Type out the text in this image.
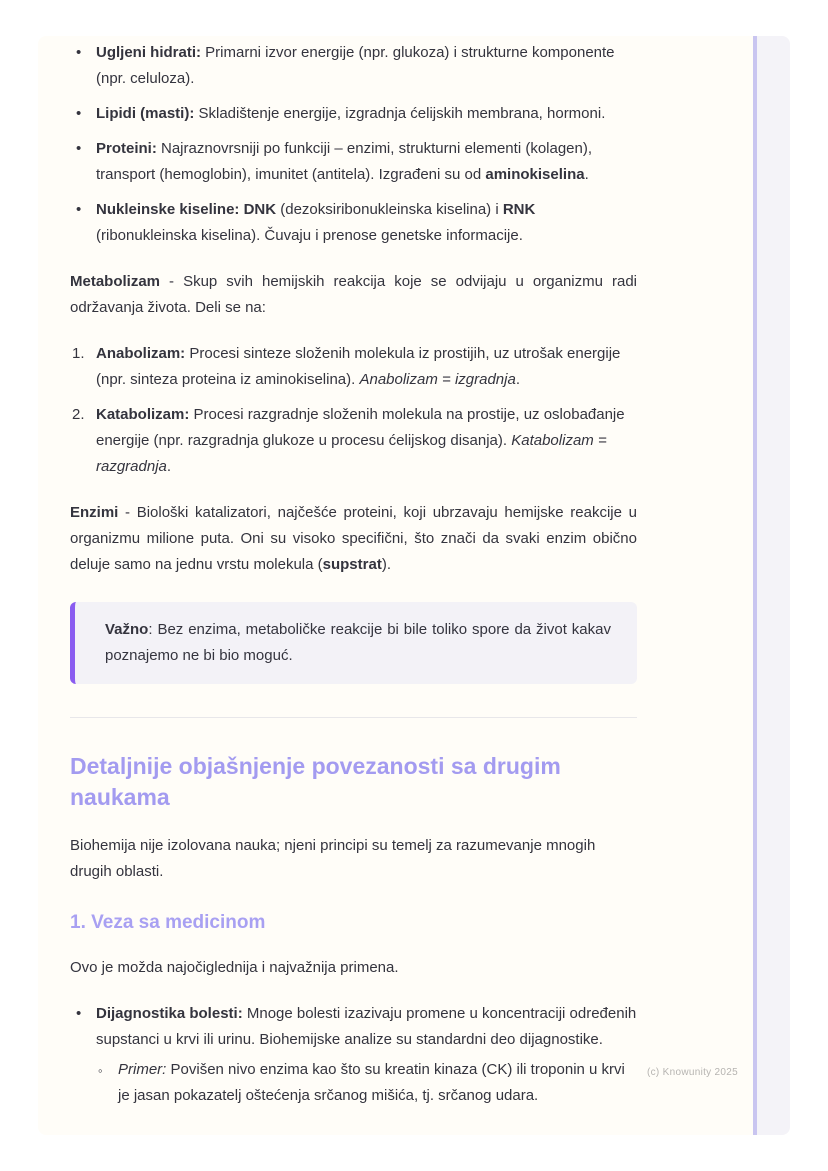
• Ugljeni hidrati: Primarni izvor energije (npr. glukoza) i strukturne komponente (npr. celuloza).
• Lipidi (masti): Skladištenje energije, izgradnja ćelijskih membrana, hormoni.
• Proteini: Najraznovrsniji po funkciji – enzimi, strukturni elementi (kolagen), transport (hemoglobin), imunitet (antitela). Izgrađeni su od aminokiselina.
• Nukleinske kiseline: DNK (dezoksiribonukleinska kiselina) i RNK (ribonukleinska kiselina). Čuvaju i prenose genetske informacije.

Metabolizam - Skup svih hemijskih reakcija koje se odvijaju u organizmu radi održavanja života. Deli se na:

1. Anabolizam: Procesi sinteze složenih molekula iz prostijih, uz utrošak energije (npr. sinteza proteina iz aminokiselina). Anabolizam = izgradnja.
2. Katabolizam: Procesi razgradnje složenih molekula na prostije, uz oslobađanje energije (npr. razgradnja glukoze u procesu ćelijskog disanja). Katabolizam = razgradnja.

Enzimi - Biološki katalizatori, najčešće proteini, koji ubrzavaju hemijske reakcije u organizmu milione puta. Oni su visoko specifični, što znači da svaki enzim obično deluje samo na jednu vrstu molekula (supstrat).

Važno: Bez enzima, metaboličke reakcije bi bile toliko spore da život kakav poznajemo ne bi bio moguć.
Detaljnije objašnjenje povezanosti sa drugim naukama

Biohemija nije izolovana nauka; njeni principi su temelj za razumevanje mnogih drugih oblasti.

1. Veza sa medicinom

Ovo je možda najočiglednija i najvažnija primena.

• Dijagnostika bolesti: Mnoge bolesti izazivaju promene u koncentraciji određenih supstanci u krvi ili urinu. Biohemijske analize su standardni deo dijagnostike.
◦ Primer: Povišen nivo enzima kao što su kreatin kinaza (CK) ili troponin u krvi je jasan pokazatelj oštećenja srčanog mišića, tj. srčanog udara.
(c) Knowunity 2025
